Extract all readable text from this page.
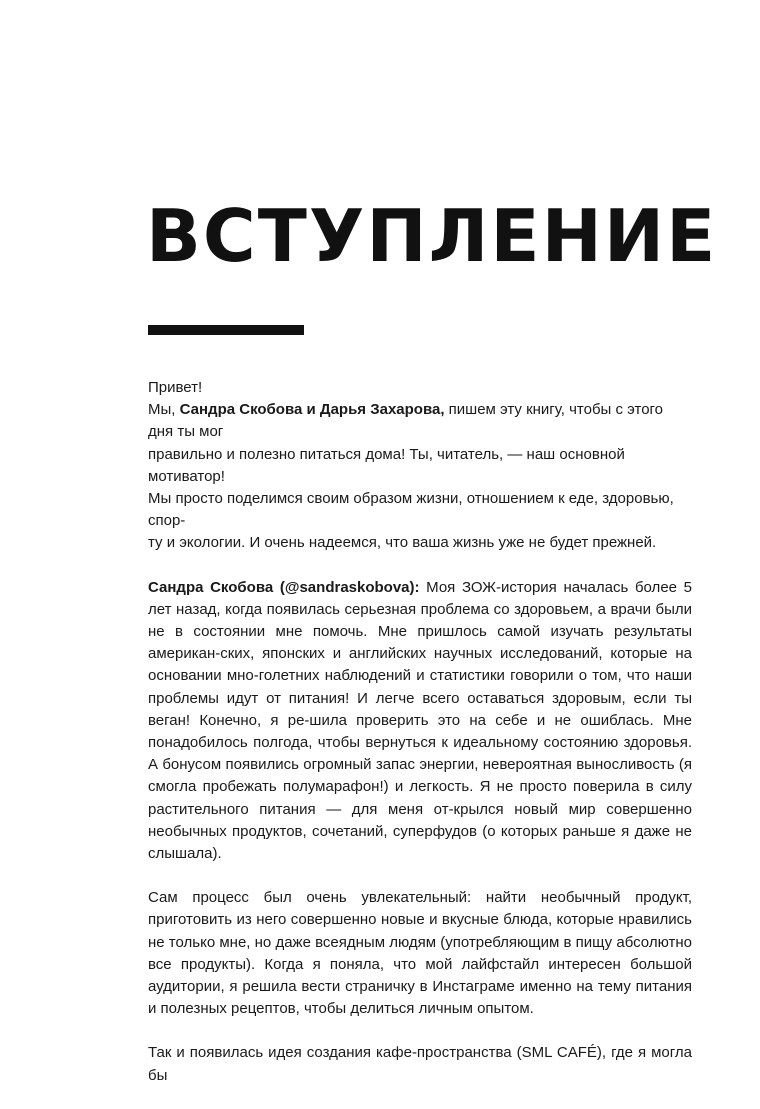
ВСТУПЛЕНИЕ

Привет!
Мы, Сандра Скобова и Дарья Захарова, пишем эту книгу, чтобы с этого дня ты мог
правильно и полезно питаться дома! Ты, читатель, — наш основной мотиватор!
Мы просто поделимся своим образом жизни, отношением к еде, здоровью, спор-
ту и экологии. И очень надеемся, что ваша жизнь уже не будет прежней.

Сандра Скобова (@sandraskobova): Моя ЗОЖ-история началась более 5 лет назад, когда появилась серьезная проблема со здоровьем, а врачи были не в состоянии мне помочь. Мне пришлось самой изучать результаты американ-ских, японских и английских научных исследований, которые на основании мно-голетних наблюдений и статистики говорили о том, что наши проблемы идут от питания! И легче всего оставаться здоровым, если ты веган! Конечно, я ре-шила проверить это на себе и не ошиблась. Мне понадобилось полгода, чтобы вернуться к идеальному состоянию здоровья. А бонусом появились огромный запас энергии, невероятная выносливость (я смогла пробежать полумарафон!) и легкость. Я не просто поверила в силу растительного питания — для меня от-крылся новый мир совершенно необычных продуктов, сочетаний, суперфудов (о которых раньше я даже не слышала).

Сам процесс был очень увлекательный: найти необычный продукт, приготовить из него совершенно новые и вкусные блюда, которые нравились не только мне, но даже всеядным людям (употребляющим в пищу абсолютно все продукты). Когда я поняла, что мой лайфстайл интересен большой аудитории, я решила вести страничку в Инстаграме именно на тему питания и полезных рецептов, чтобы делиться личным опытом.

Так и появилась идея создания кафе-пространства (SML CAFÉ), где я могла бы
